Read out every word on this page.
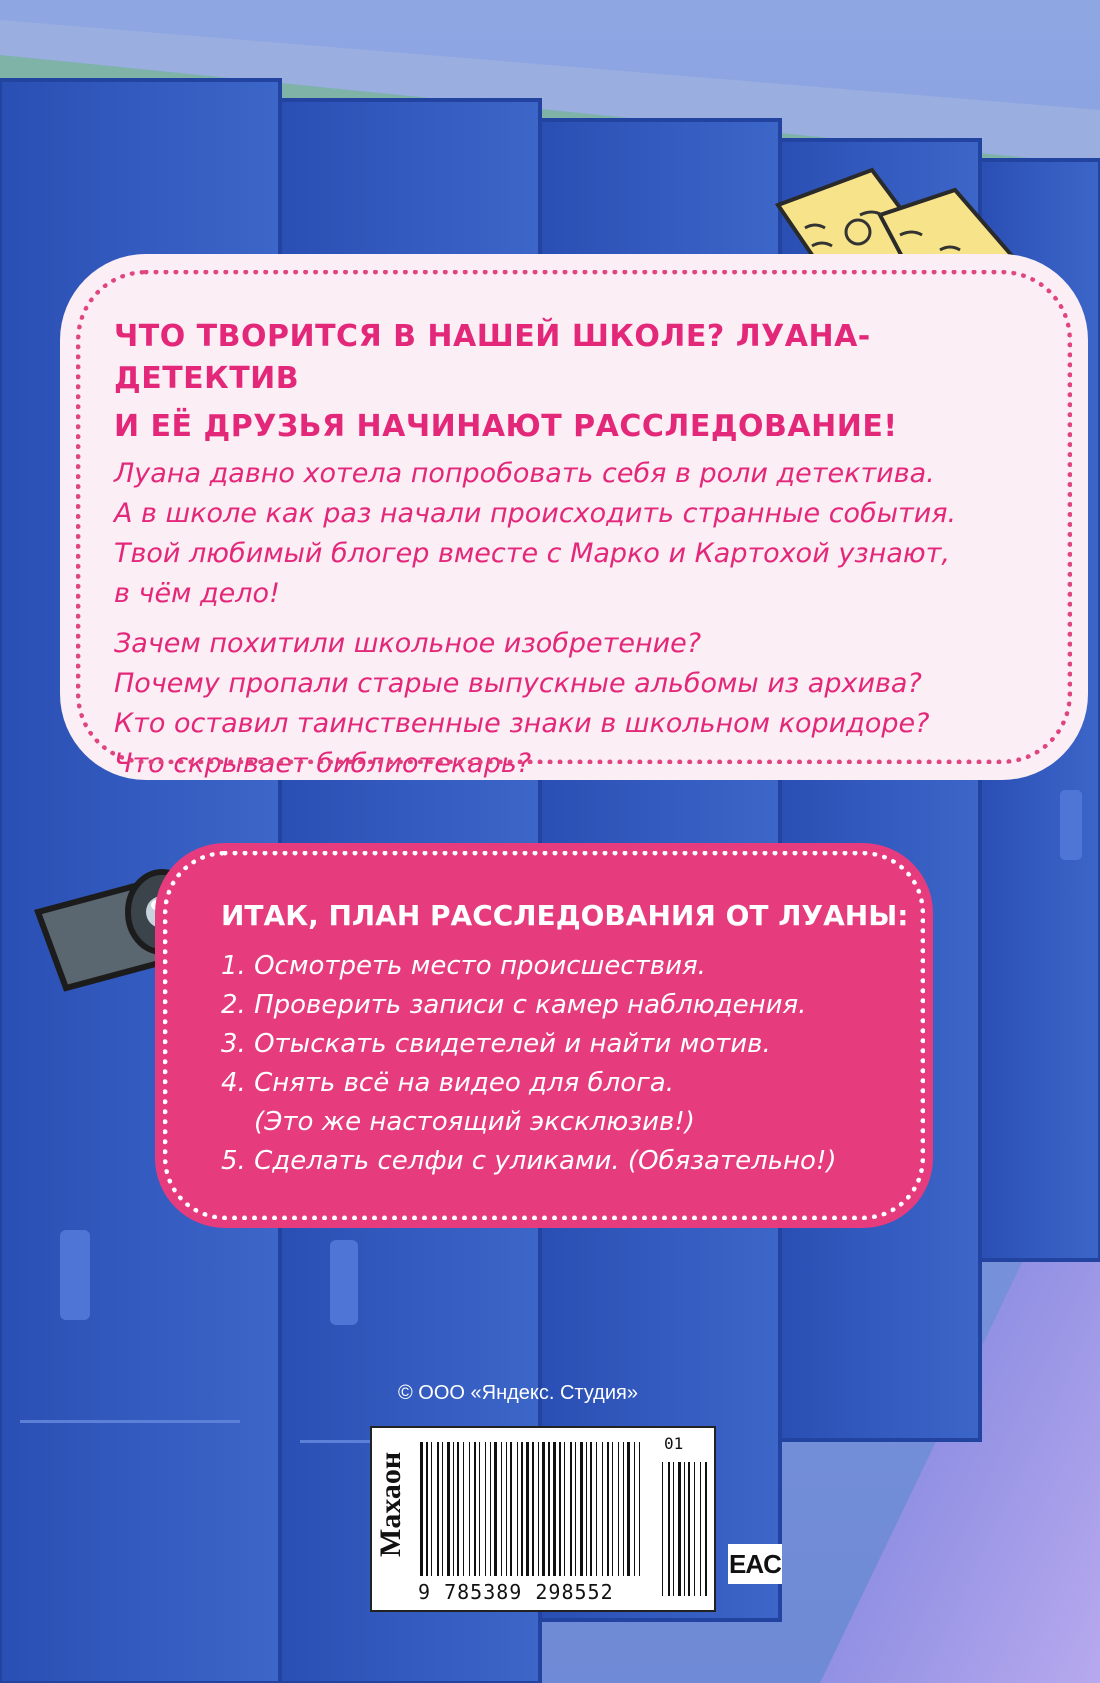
ЧТО ТВОРИТСЯ В НАШЕЙ ШКОЛЕ? ЛУАНА-ДЕТЕКТИВ

И ЕЁ ДРУЗЬЯ НАЧИНАЮТ РАССЛЕДОВАНИЕ!

Луана давно хотела попробовать себя в роли детектива.

А в школе как раз начали происходить странные события.

Твой любимый блогер вместе с Марко и Картохой узнают,

в чём дело!

Зачем похитили школьное изобретение?

Почему пропали старые выпускные альбомы из архива?

Кто оставил таинственные знаки в школьном коридоре?

Что скрывает библиотекарь?

ИТАК, ПЛАН РАССЛЕДОВАНИЯ ОТ ЛУАНЫ:

1. Осмотреть место происшествия.

2. Проверить записи с камер наблюдения.

3. Отыскать свидетелей и найти мотив.

4. Снять всё на видео для блога.

(Это же настоящий эксклюзив!)

5. Сделать селфи с уликами. (Обязательно!)

© ООО «Яндекс. Студия»
Махаон
9 785389 298552
01
EAC
